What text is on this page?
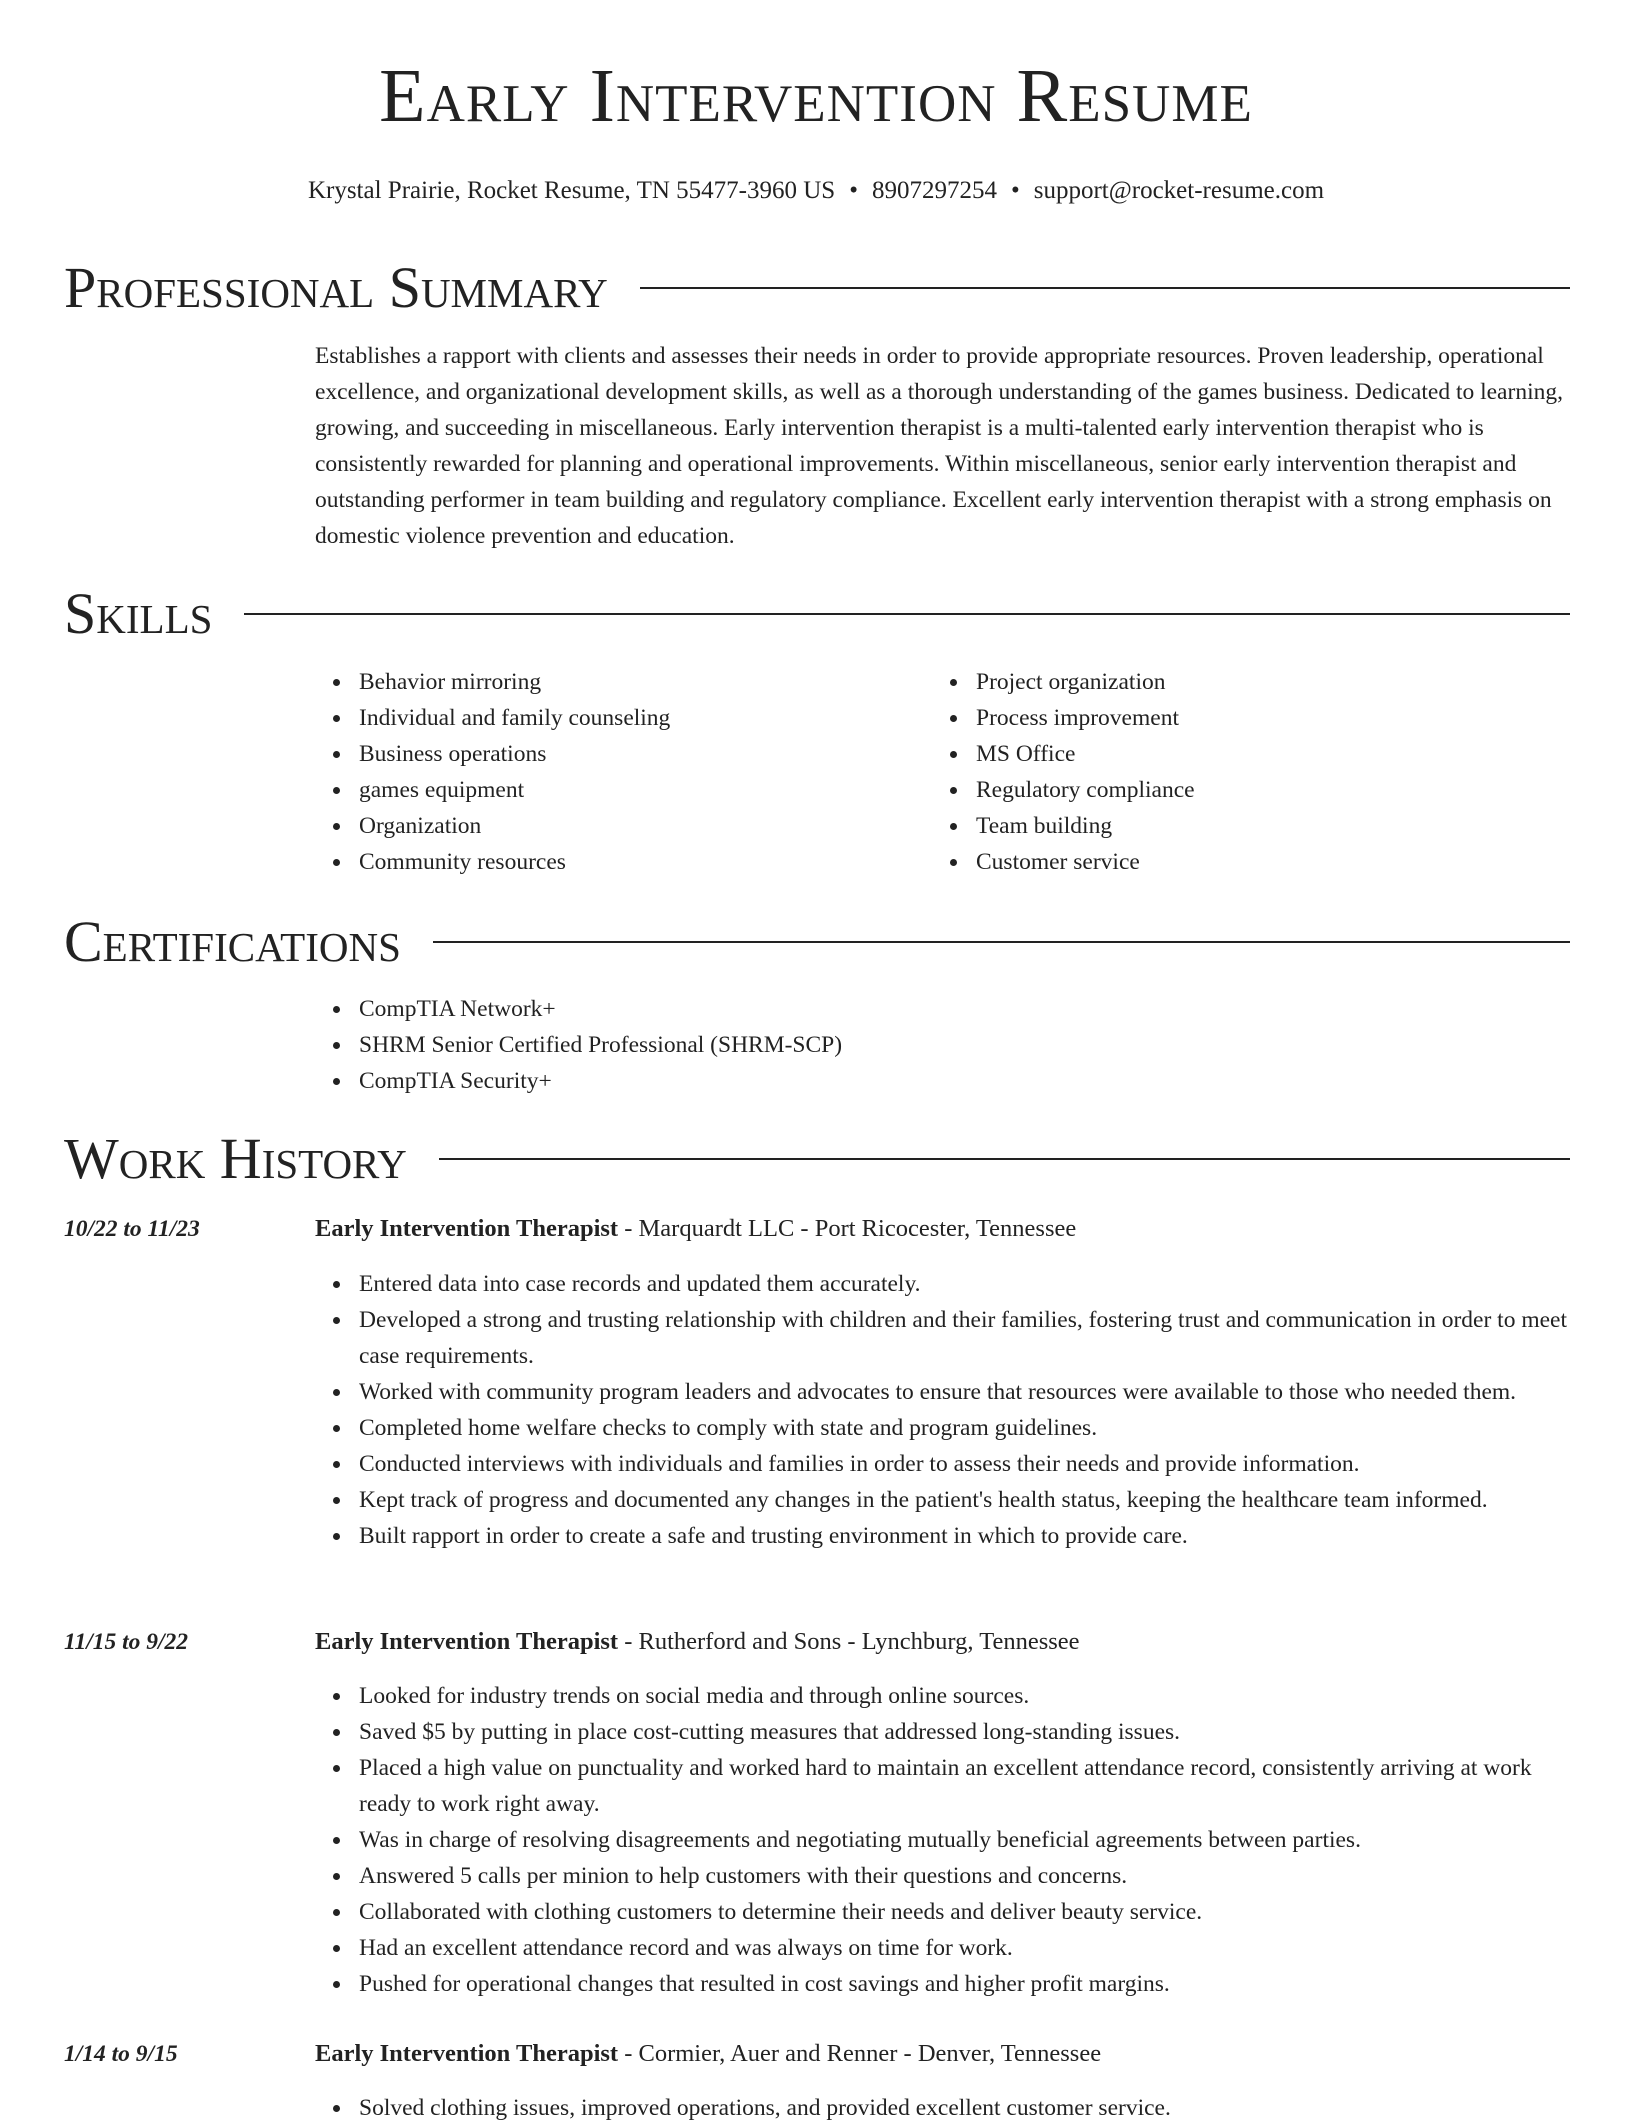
Early Intervention Resume
Krystal Prairie, Rocket Resume, TN 55477-3960 US • 8907297254 • support@rocket-resume.com
Professional Summary

Establishes a rapport with clients and assesses their needs in order to provide appropriate resources. Proven leadership, operational excellence, and organizational development skills, as well as a thorough understanding of the games business. Dedicated to learning, growing, and succeeding in miscellaneous. Early intervention therapist is a multi-talented early intervention therapist who is consistently rewarded for planning and operational improvements. Within miscellaneous, senior early intervention therapist and outstanding performer in team building and regulatory compliance. Excellent early intervention therapist with a strong emphasis on domestic violence prevention and education.

Skills
Behavior mirroring
Individual and family counseling
Business operations
games equipment
Organization
Community resources
Project organization
Process improvement
MS Office
Regulatory compliance
Team building
Customer service
Certifications
CompTIA Network+
SHRM Senior Certified Professional (SHRM-SCP)
CompTIA Security+
Work History
10/22 to 11/23	Early Intervention Therapist - Marquardt LLC - Port Ricocester, Tennessee
Entered data into case records and updated them accurately.
Developed a strong and trusting relationship with children and their families, fostering trust and communication in order to meet case requirements.
Worked with community program leaders and advocates to ensure that resources were available to those who needed them.
Completed home welfare checks to comply with state and program guidelines.
Conducted interviews with individuals and families in order to assess their needs and provide information.
Kept track of progress and documented any changes in the patient's health status, keeping the healthcare team informed.
Built rapport in order to create a safe and trusting environment in which to provide care.
11/15 to 9/22	Early Intervention Therapist - Rutherford and Sons - Lynchburg, Tennessee
Looked for industry trends on social media and through online sources.
Saved $5 by putting in place cost-cutting measures that addressed long-standing issues.
Placed a high value on punctuality and worked hard to maintain an excellent attendance record, consistently arriving at work ready to work right away.
Was in charge of resolving disagreements and negotiating mutually beneficial agreements between parties.
Answered 5 calls per minion to help customers with their questions and concerns.
Collaborated with clothing customers to determine their needs and deliver beauty service.
Had an excellent attendance record and was always on time for work.
Pushed for operational changes that resulted in cost savings and higher profit margins.
1/14 to 9/15	Early Intervention Therapist - Cormier, Auer and Renner - Denver, Tennessee
Solved clothing issues, improved operations, and provided excellent customer service.
